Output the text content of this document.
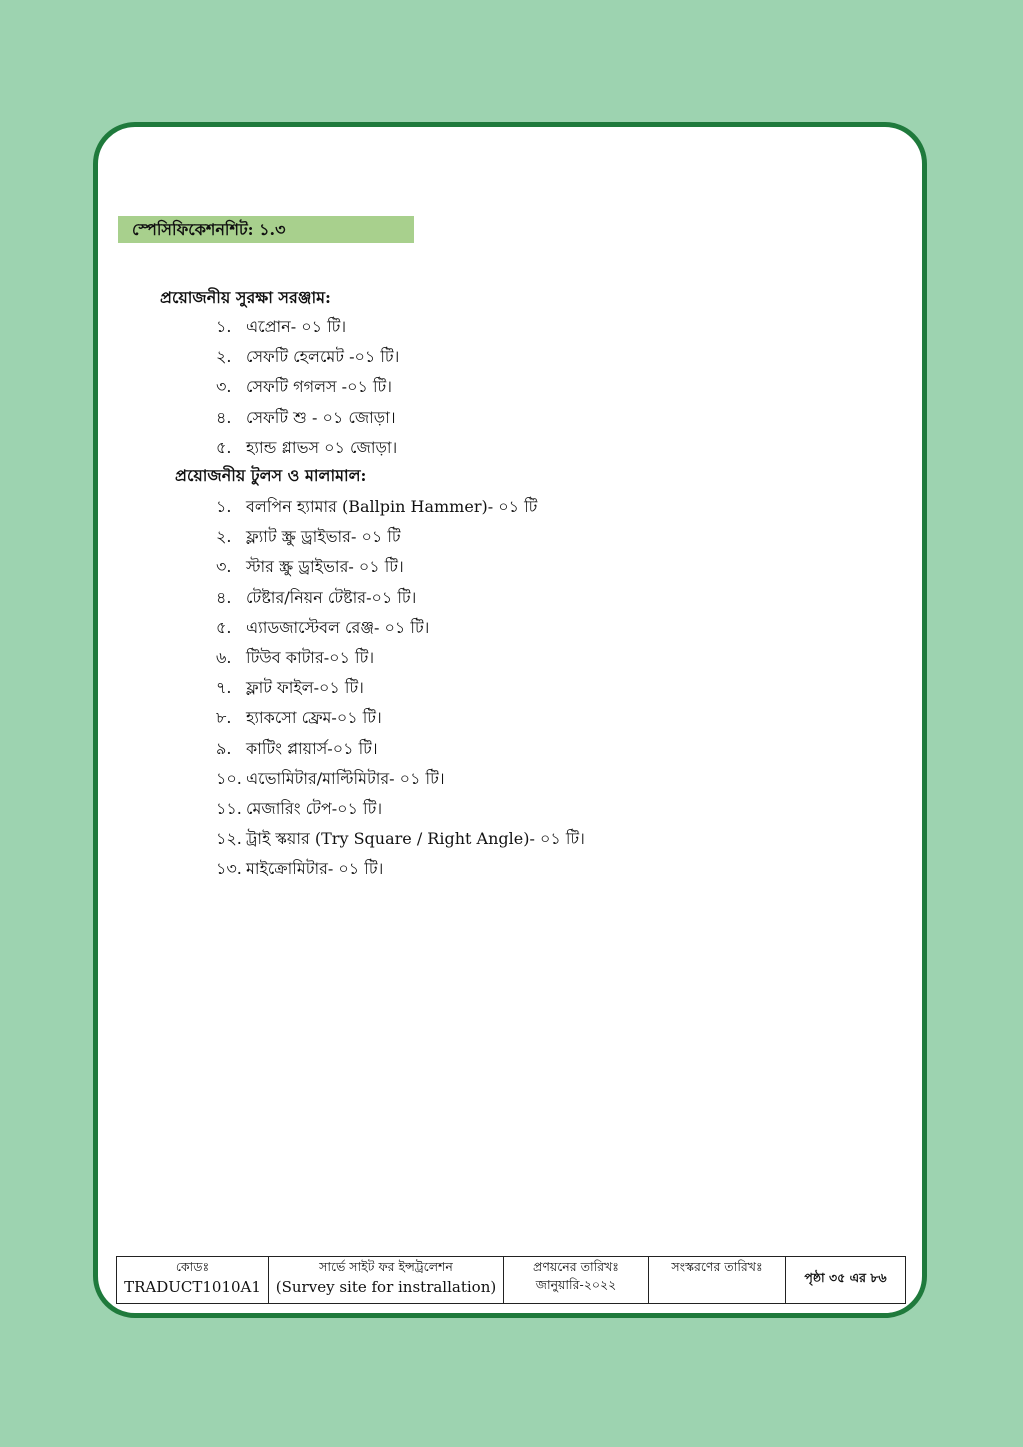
স্পেসিফিকেশনশিট: ১.৩
প্রয়োজনীয় সুরক্ষা সরঞ্জাম:
১. এপ্রোন- ০১ টি।
২. সেফটি হেলমেট -০১ টি।
৩. সেফটি গগলস -০১ টি।
৪. সেফটি শু - ০১ জোড়া।
৫. হ্যান্ড গ্লাভস ০১ জোড়া।
প্রয়োজনীয় টুলস ও মালামাল:
১. বলপিন হ্যামার (Ballpin Hammer)- ০১ টি
২. ফ্ল্যাট স্ক্রু ড্রাইভার- ০১ টি
৩. স্টার স্ক্রু ড্রাইভার- ০১ টি।
৪. টেষ্টার/নিয়ন টেষ্টার-০১ টি।
৫. এ্যাডজাস্টেবল রেঞ্জ- ০১ টি।
৬. টিউব কাটার-০১ টি।
৭. ফ্লাট ফাইল-০১ টি।
৮. হ্যাকসো ফ্রেম-০১ টি।
৯. কাটিং প্লায়ার্স-০১ টি।
১০. এভোমিটার/মাল্টিমিটার- ০১ টি।
১১. মেজারিং টেপ-০১ টি।
১২. ট্রাই স্কয়ার (Try Square / Right Angle)- ০১ টি।
১৩. মাইক্রোমিটার- ০১ টি।
কোডঃ
TRADUCT1010A1

সার্ভে সাইট ফর ইন্সট্রলেশন
(Survey site for instrallation)

প্রণয়নের তারিখঃ
জানুয়ারি-২০২২

সংস্করণের তারিখঃ
	পৃষ্ঠা ৩৫ এর ৮৬
